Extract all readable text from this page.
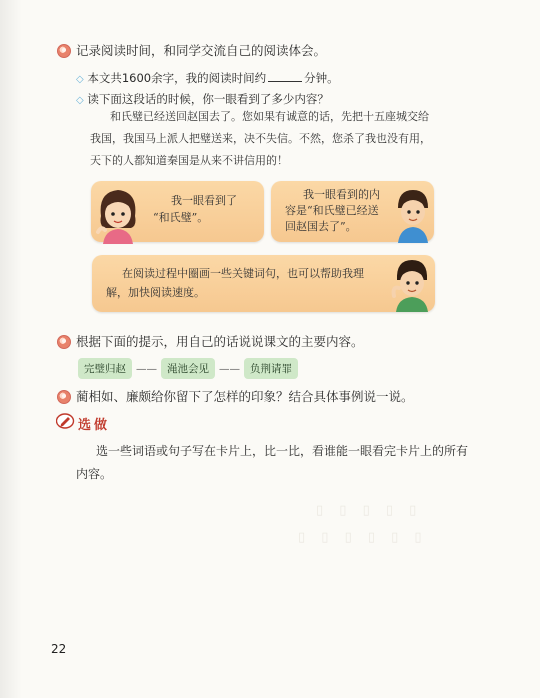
记录阅读时间，和同学交流自己的阅读体会。
◇ 本文共1600余字，我的阅读时间约	分钟。
◇ 读下面这段话的时候，你一眼看到了多少内容？
和氏璧已经送回赵国去了。您如果有诚意的话，先把十五座城交给
我国，我国马上派人把璧送来，决不失信。不然，您杀了我也没有用，
天下的人都知道秦国是从来不讲信用的！
我一眼看到了
“和氏璧”。
我一眼看到的内
容是“和氏璧已经送
回赵国去了”。
在阅读过程中圈画一些关键词句，也可以帮助我理
解，加快阅读速度。
根据下面的提示，用自己的话说说课文的主要内容。
完璧归赵 —— 渑池会见 —— 负荆请罪
蔺相如、廉颇给你留下了怎样的印象？结合具体事例说一说。
选做
选一些词语或句子写在卡片上，比一比，看谁能一眼看完卡片上的所有
内容。
▯ ▯ ▯ ▯ ▯
▯ ▯ ▯ ▯ ▯ ▯
22
